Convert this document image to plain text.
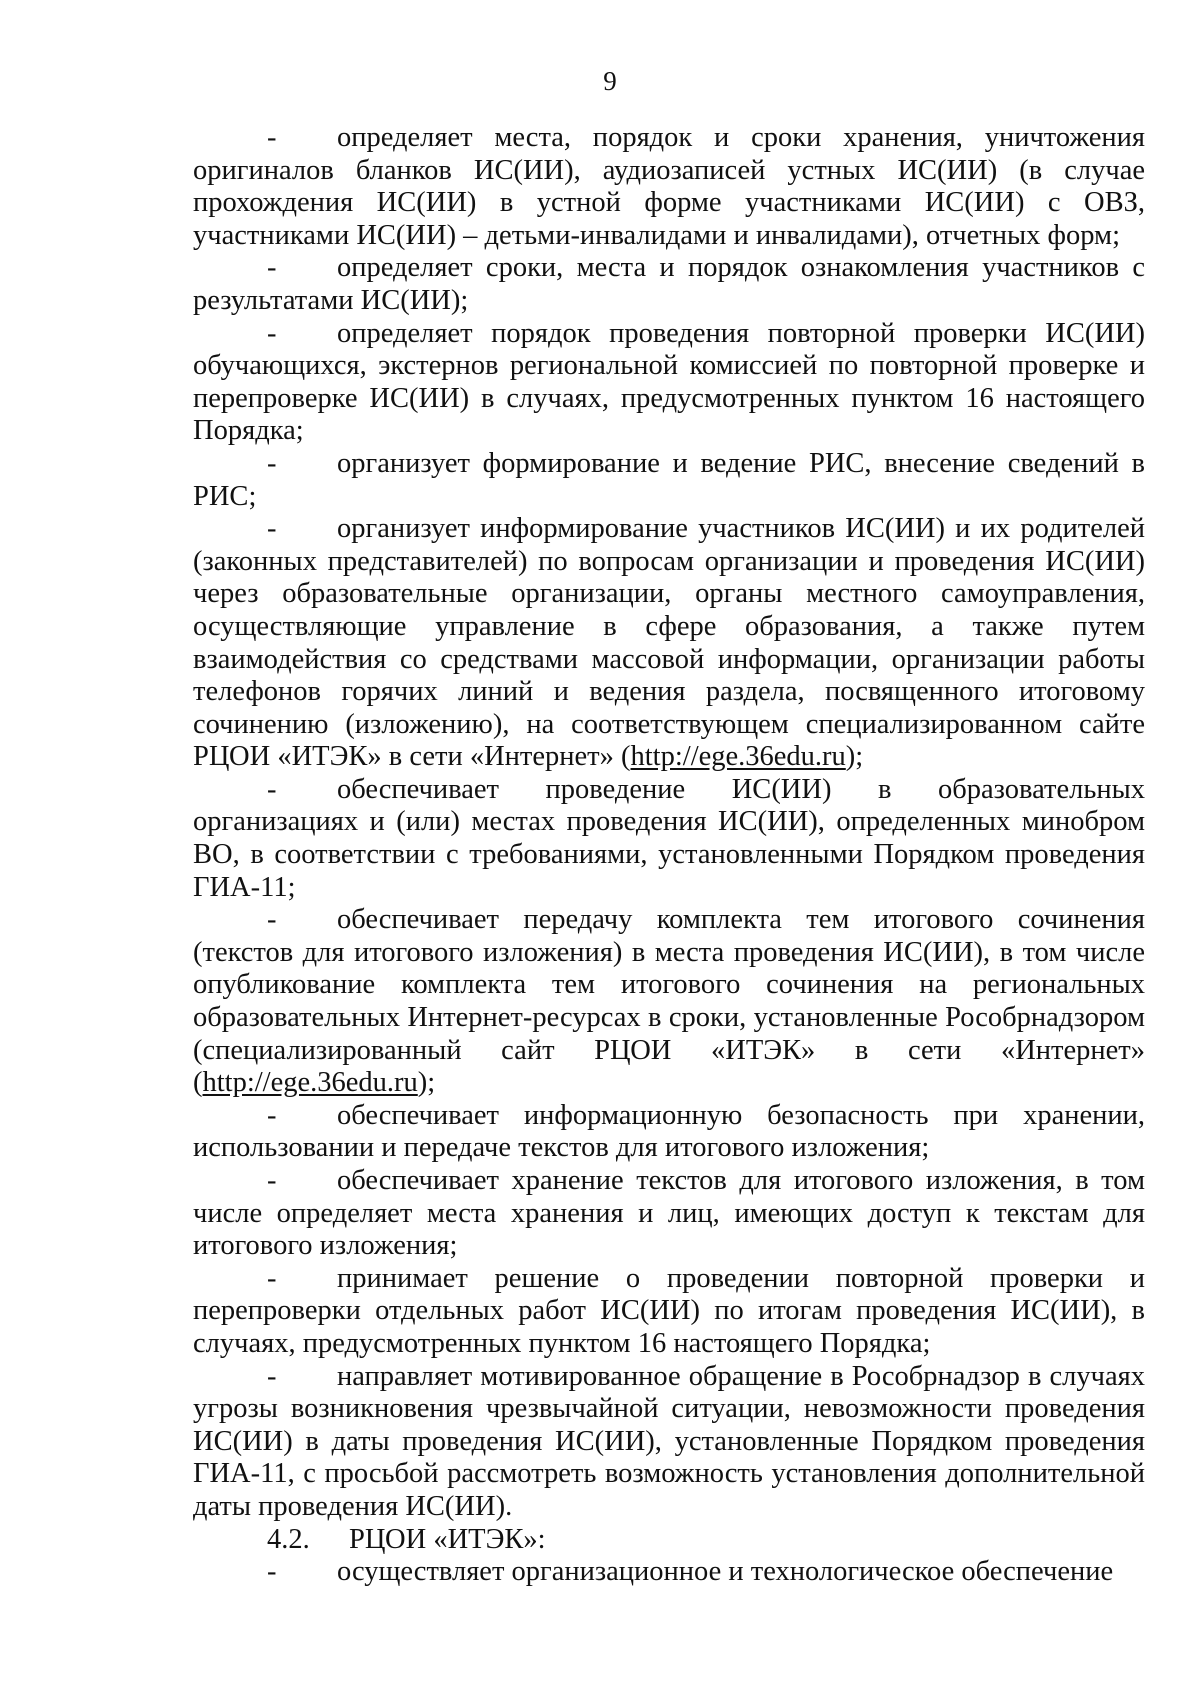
9

- определяет места, порядок и сроки хранения, уничтожения оригиналов бланков ИС(ИИ), аудиозаписей устных ИС(ИИ) (в случае прохождения ИС(ИИ) в устной форме участниками ИС(ИИ) с ОВЗ, участниками ИС(ИИ) – детьми-инвалидами и инвалидами), отчетных форм;

- определяет сроки, места и порядок ознакомления участников с результатами ИС(ИИ);

- определяет порядок проведения повторной проверки ИС(ИИ) обучающихся, экстернов региональной комиссией по повторной проверке и перепроверке ИС(ИИ) в случаях, предусмотренных пунктом 16 настоящего Порядка;

- организует формирование и ведение РИС, внесение сведений в РИС;

- организует информирование участников ИС(ИИ) и их родителей (законных представителей) по вопросам организации и проведения ИС(ИИ) через образовательные организации, органы местного самоуправления, осуществляющие управление в сфере образования, а также путем взаимодействия со средствами массовой информации, организации работы телефонов горячих линий и ведения раздела, посвященного итоговому сочинению (изложению), на соответствующем специализированном сайте РЦОИ «ИТЭК» в сети «Интернет» (http://ege.36edu.ru);

- обеспечивает проведение ИС(ИИ) в образовательных организациях и (или) местах проведения ИС(ИИ), определенных минобром ВО, в соответствии с требованиями, установленными Порядком проведения ГИА-11;

- обеспечивает передачу комплекта тем итогового сочинения (текстов для итогового изложения) в места проведения ИС(ИИ), в том числе опубликование комплекта тем итогового сочинения на региональных образовательных Интернет-ресурсах в сроки, установленные Рособрнадзором (специализированный сайт РЦОИ «ИТЭК» в сети «Интернет» (http://ege.36edu.ru);

- обеспечивает информационную безопасность при хранении, использовании и передаче текстов для итогового изложения;

- обеспечивает хранение текстов для итогового изложения, в том числе определяет места хранения и лиц, имеющих доступ к текстам для итогового изложения;

- принимает решение о проведении повторной проверки и перепроверки отдельных работ ИС(ИИ) по итогам проведения ИС(ИИ), в случаях, предусмотренных пунктом 16 настоящего Порядка;

- направляет мотивированное обращение в Рособрнадзор в случаях угрозы возникновения чрезвычайной ситуации, невозможности проведения ИС(ИИ) в даты проведения ИС(ИИ), установленные Порядком проведения ГИА-11, с просьбой рассмотреть возможность установления дополнительной даты проведения ИС(ИИ).

4.2. РЦОИ «ИТЭК»:

- осуществляет организационное и технологическое обеспечение
